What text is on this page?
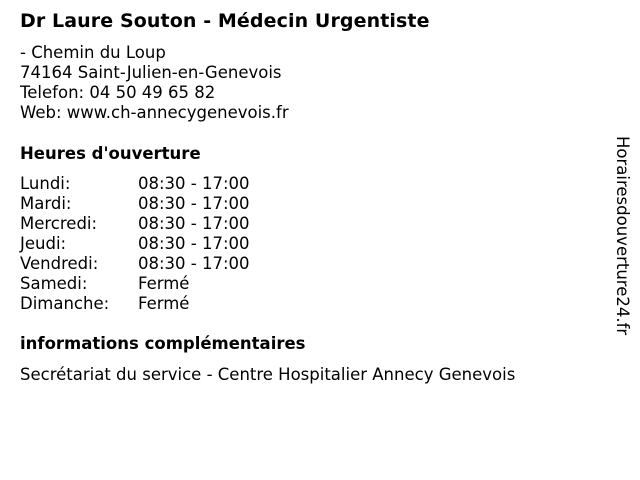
Dr Laure Souton - Médecin Urgentiste
- Chemin du Loup
74164 Saint-Julien-en-Genevois
Telefon: 04 50 49 65 82
Web: www.ch-annecygenevois.fr
Heures d'ouverture
Lundi:	08:30 - 17:00
Mardi:	08:30 - 17:00
Mercredi:	08:30 - 17:00
Jeudi:	08:30 - 17:00
Vendredi:	08:30 - 17:00
Samedi:	Fermé
Dimanche:	Fermé
informations complémentaires
Secrétariat du service - Centre Hospitalier Annecy Genevois
Horairesdouverture24.fr
